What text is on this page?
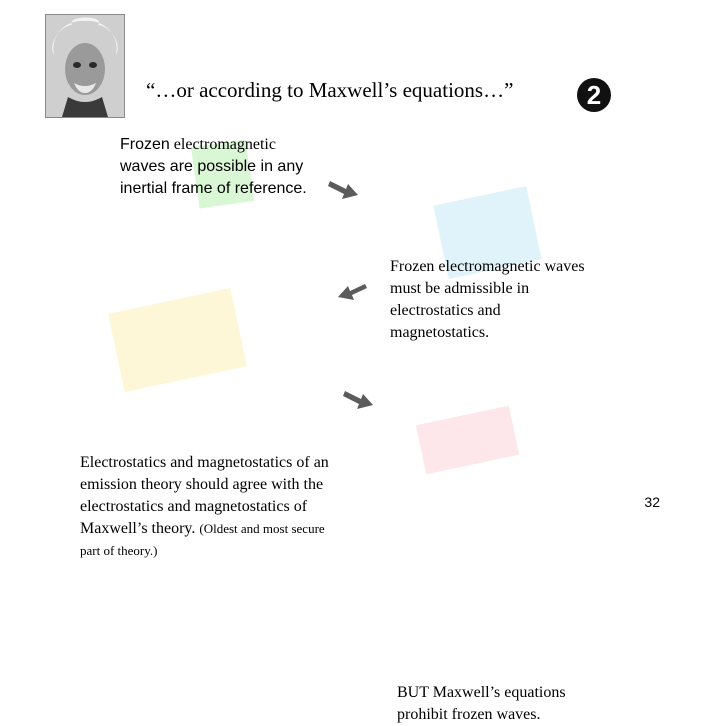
“…or according to Maxwell’s equations…”	2
Frozen electromagnetic waves are possible in any inertial frame of reference.
Frozen electromagnetic waves must be admissible in electrostatics and magnetostatics.
Electrostatics and magnetostatics of an emission theory should agree with the electrostatics and magnetostatics of Maxwell’s theory. (Oldest and most secure part of theory.)
BUT Maxwell’s equations prohibit frozen waves.
32
